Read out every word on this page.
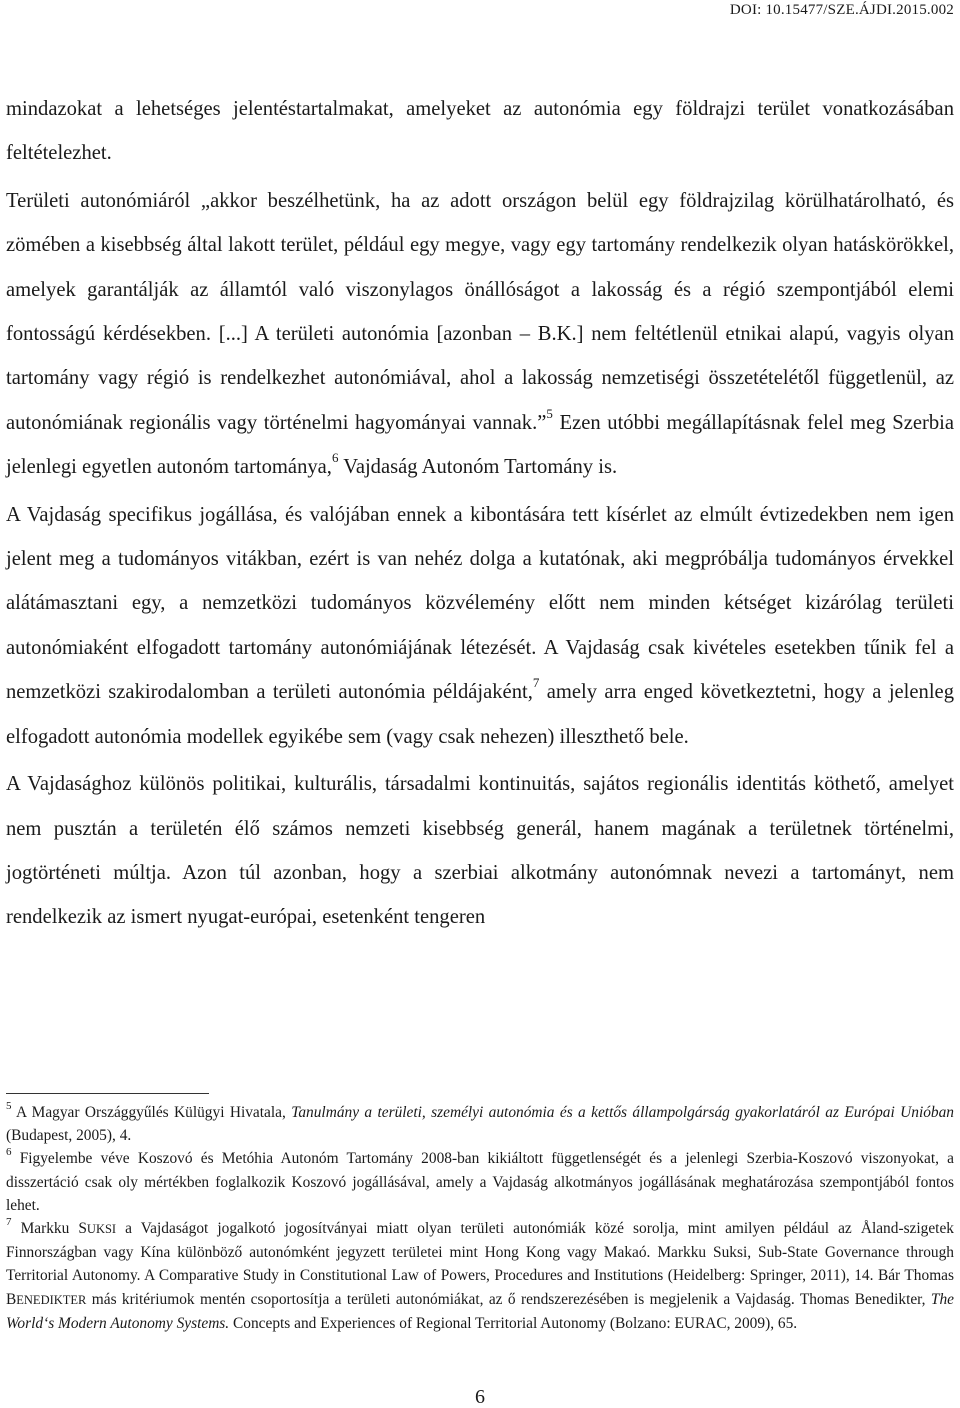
DOI: 10.15477/SZE.ÁJDI.2015.002

mindazokat a lehetséges jelentéstartalmakat, amelyeket az autonómia egy földrajzi terület vonatkozásában feltételezhet.

Területi autonómiáról „akkor beszélhetünk, ha az adott országon belül egy földrajzilag körülhatárolható, és zömében a kisebbség által lakott terület, például egy megye, vagy egy tartomány rendelkezik olyan hatáskörökkel, amelyek garantálják az államtól való viszonylagos önállóságot a lakosság és a régió szempontjából elemi fontosságú kérdésekben. [...] A területi autonómia [azonban – B.K.] nem feltétlenül etnikai alapú, vagyis olyan tartomány vagy régió is rendelkezhet autonómiával, ahol a lakosság nemzetiségi összetételétől függetlenül, az autonómiának regionális vagy történelmi hagyományai vannak.”$^5$ Ezen utóbbi megállapításnak felel meg Szerbia jelenlegi egyetlen autonóm tartománya,$^6$ Vajdaság Autonóm Tartomány is.

A Vajdaság specifikus jogállása, és valójában ennek a kibontására tett kísérlet az elmúlt évtizedekben nem igen jelent meg a tudományos vitákban, ezért is van nehéz dolga a kutatónak, aki megpróbálja tudományos érvekkel alátámasztani egy, a nemzetközi tudományos közvélemény előtt nem minden kétséget kizárólag területi autonómiaként elfogadott tartomány autonómiájának létezését. A Vajdaság csak kivételes esetekben tűnik fel a nemzetközi szakirodalomban a területi autonómia példájaként,$^7$ amely arra enged következtetni, hogy a jelenleg elfogadott autonómia modellek egyikébe sem (vagy csak nehezen) illeszthető bele.

A Vajdasághoz különös politikai, kulturális, társadalmi kontinuitás, sajátos regionális identitás köthető, amelyet nem pusztán a területén élő számos nemzeti kisebbség generál, hanem magának a területnek történelmi, jogtörténeti múltja. Azon túl azonban, hogy a szerbiai alkotmány autonómnak nevezi a tartományt, nem rendelkezik az ismert nyugat-európai, esetenként tengeren

$^5$ A Magyar Országgyűlés Külügyi Hivatala, Tanulmány a területi, személyi autonómia és a kettős állampolgárság gyakorlatáról az Európai Unióban (Budapest, 2005), 4.

$^6$ Figyelembe véve Koszovó és Metóhia Autonóm Tartomány 2008-ban kikiáltott függetlenségét és a jelenlegi Szerbia-Koszovó viszonyokat, a disszertáció csak oly mértékben foglalkozik Koszovó jogállásával, amely a Vajdaság alkotmányos jogállásának meghatározása szempontjából fontos lehet.

$^7$ Markku SUKSI a Vajdaságot jogalkotó jogosítványai miatt olyan területi autonómiák közé sorolja, mint amilyen például az Åland-szigetek Finnországban vagy Kína különböző autonómként jegyzett területei mint Hong Kong vagy Makaó. Markku Suksi, Sub-State Governance through Territorial Autonomy. A Comparative Study in Constitutional Law of Powers, Procedures and Institutions (Heidelberg: Springer, 2011), 14. Bár Thomas BENEDIKTER más kritériumok mentén csoportosítja a területi autonómiákat, az ő rendszerezésében is megjelenik a Vajdaság. Thomas Benedikter, The World‘s Modern Autonomy Systems. Concepts and Experiences of Regional Territorial Autonomy (Bolzano: EURAC, 2009), 65.

6
